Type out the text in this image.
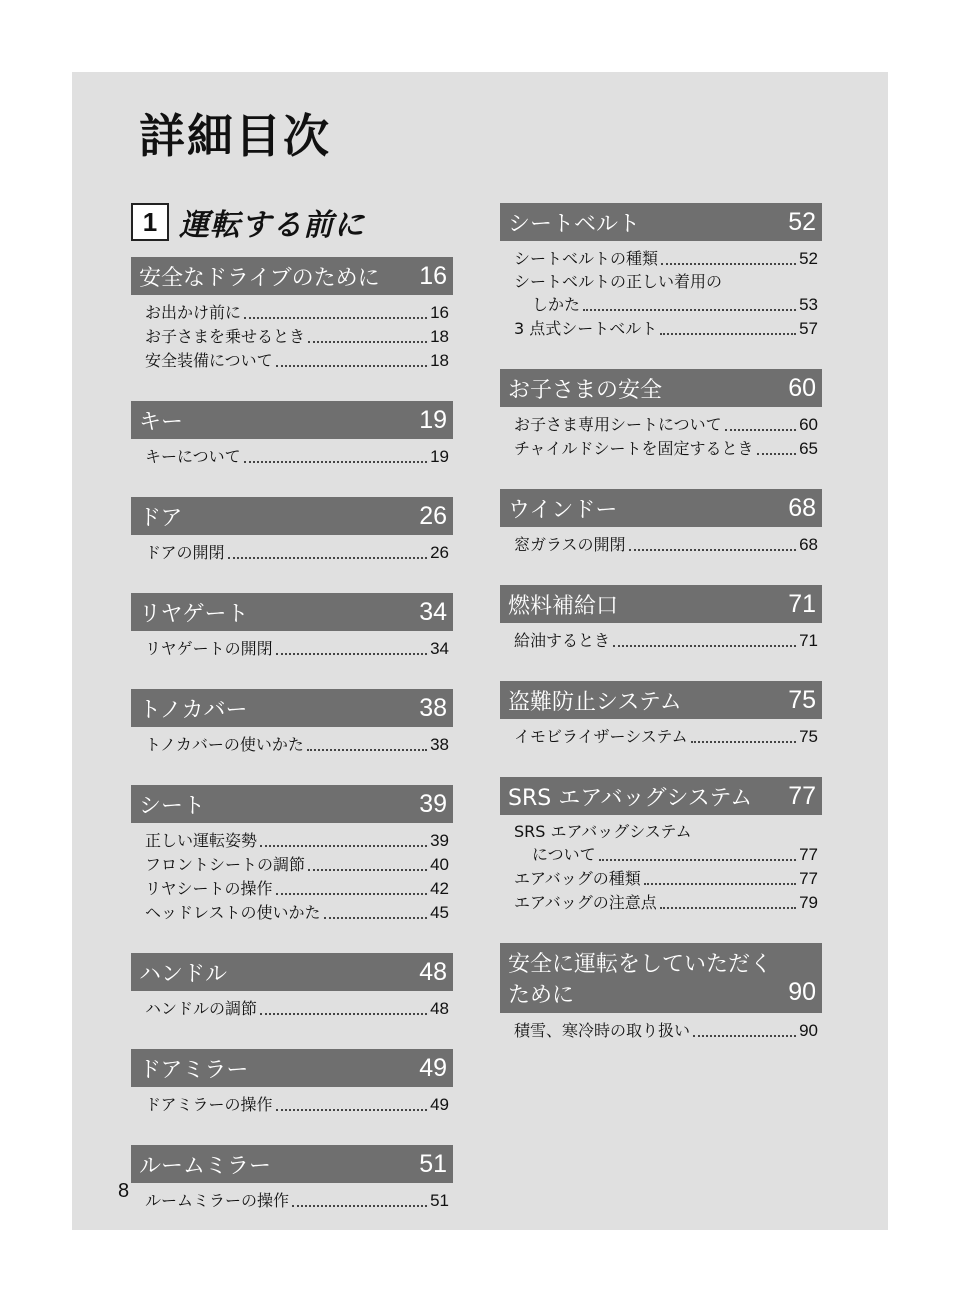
詳細目次
1 運転する前に
安全なドライブのために 16
お出かけ前に	16
お子さまを乗せるとき	18
安全装備について	18
キー	19
キーについて	19
ドア	26
ドアの開閉	26
リヤゲート	34
リヤゲートの開閉	34
トノカバー	38
トノカバーの使いかた	38
シート	39
正しい運転姿勢	39
フロントシートの調節	40
リヤシートの操作	42
ヘッドレストの使いかた	45
ハンドル	48
ハンドルの調節	48
ドアミラー	49
ドアミラーの操作	49
ルームミラー	51
ルームミラーの操作	51
シートベルト	52
シートベルトの種類	52
シートベルトの正しい着用の
しかた	53
3 点式シートベルト	57
お子さまの安全	60
お子さま専用シートについて	60
チャイルドシートを固定するとき	65
ウインドー	68
窓ガラスの開閉	68
燃料補給口	71
給油するとき	71
盗難防止システム	75
イモビライザーシステム	75
SRS エアバッグシステム 77
SRS エアバッグシステム
について	77
エアバッグの種類	77
エアバッグの注意点	79
安全に運転をしていただく
ために	90
積雪、寒冷時の取り扱い	90
8
